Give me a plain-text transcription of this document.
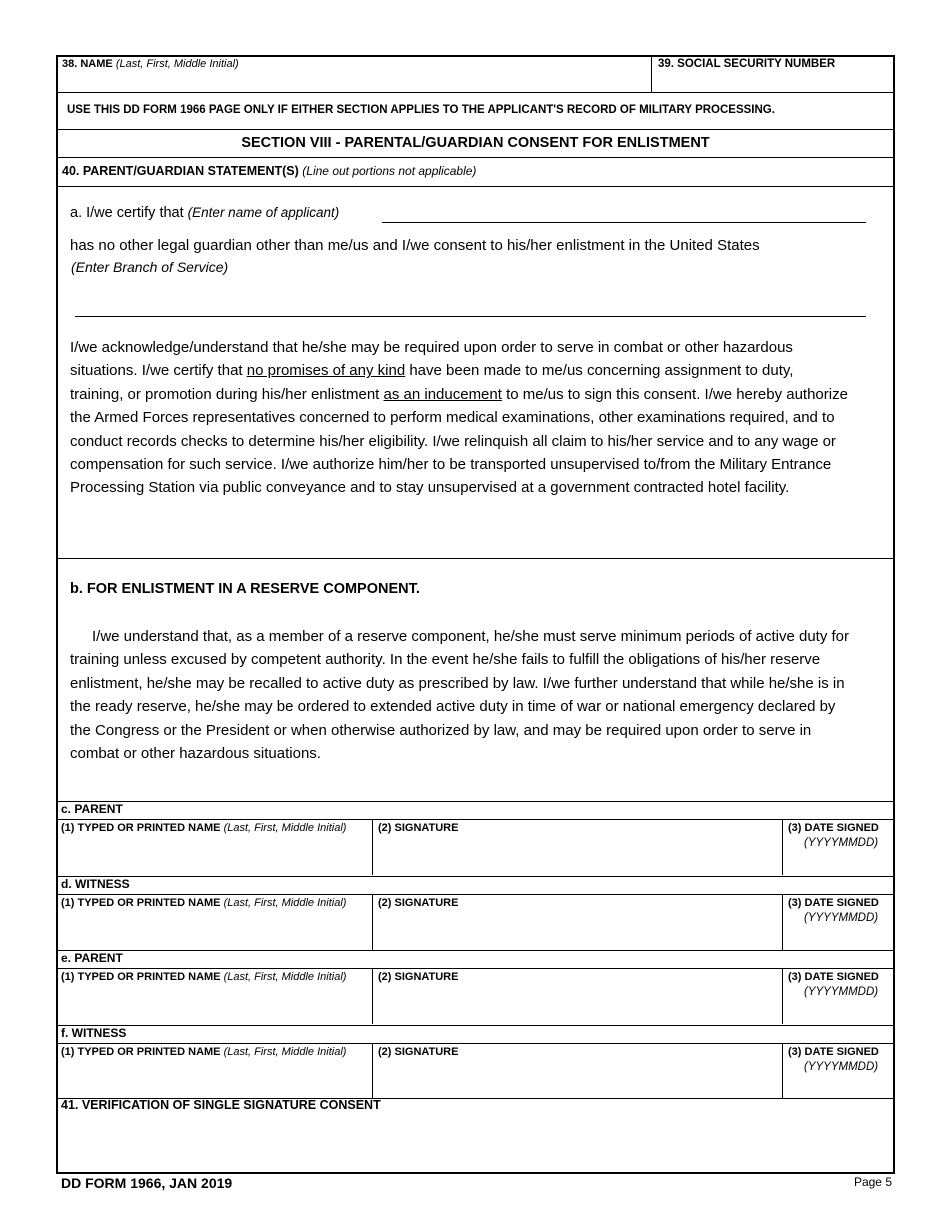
38. NAME (Last, First, Middle Initial)	39. SOCIAL SECURITY NUMBER
USE THIS DD FORM 1966 PAGE ONLY IF EITHER SECTION APPLIES TO THE APPLICANT'S RECORD OF MILITARY PROCESSING.
SECTION VIII - PARENTAL/GUARDIAN CONSENT FOR ENLISTMENT
40. PARENT/GUARDIAN STATEMENT(S) (Line out portions not applicable)
a. I/we certify that (Enter name of applicant)
has no other legal guardian other than me/us and I/we consent to his/her enlistment in the United States
(Enter Branch of Service)
I/we acknowledge/understand that he/she may be required upon order to serve in combat or other hazardous
situations. I/we certify that no promises of any kind have been made to me/us concerning assignment to duty,
training, or promotion during his/her enlistment as an inducement to me/us to sign this consent. I/we hereby authorize
the Armed Forces representatives concerned to perform medical examinations, other examinations required, and to
conduct records checks to determine his/her eligibility. I/we relinquish all claim to his/her service and to any wage or
compensation for such service. I/we authorize him/her to be transported unsupervised to/from the Military Entrance
Processing Station via public conveyance and to stay unsupervised at a government contracted hotel facility.
b. FOR ENLISTMENT IN A RESERVE COMPONENT.
I/we understand that, as a member of a reserve component, he/she must serve minimum periods of active duty for
training unless excused by competent authority. In the event he/she fails to fulfill the obligations of his/her reserve
enlistment, he/she may be recalled to active duty as prescribed by law. I/we further understand that while he/she is in
the ready reserve, he/she may be ordered to extended active duty in time of war or national emergency declared by
the Congress or the President or when otherwise authorized by law, and may be required upon order to serve in
combat or other hazardous situations.
c. PARENT
(1) TYPED OR PRINTED NAME (Last, First, Middle Initial)	(2) SIGNATURE	(3) DATE SIGNED
(YYYYMMDD)
d. WITNESS
(1) TYPED OR PRINTED NAME (Last, First, Middle Initial)	(2) SIGNATURE	(3) DATE SIGNED
(YYYYMMDD)
e. PARENT
(1) TYPED OR PRINTED NAME (Last, First, Middle Initial)	(2) SIGNATURE	(3) DATE SIGNED
(YYYYMMDD)
f. WITNESS
(1) TYPED OR PRINTED NAME (Last, First, Middle Initial)	(2) SIGNATURE	(3) DATE SIGNED
(YYYYMMDD)
41. VERIFICATION OF SINGLE SIGNATURE CONSENT
DD FORM 1966, JAN 2019	Page 5
